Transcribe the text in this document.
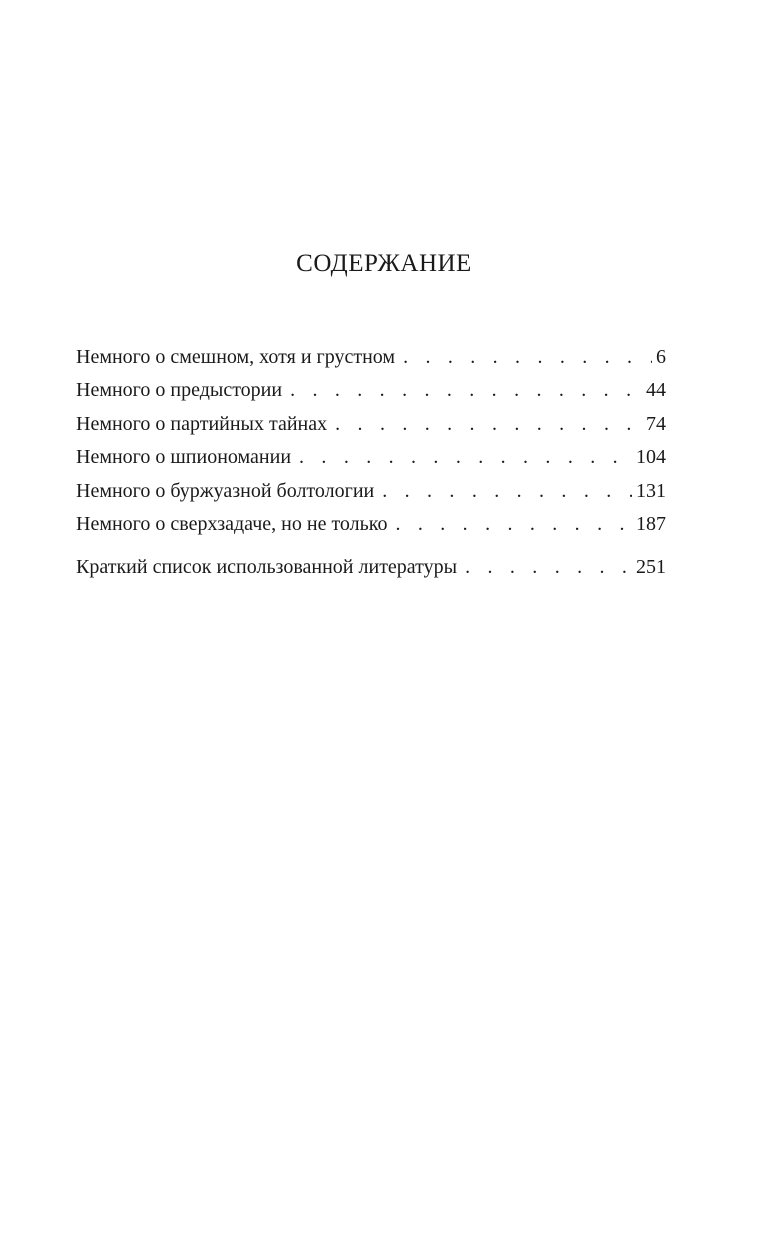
СОДЕРЖАНИЕ
Немного о смешном, хотя и грустном . . .	6
Немного о предыстории . . .	44
Немного о партийных тайнах . . .	74
Немного о шпиономании . . .	104
Немного о буржуазной болтологии . . .	131
Немного о сверхзадаче, но не только . . .	187
Краткий список использованной литературы . . .	251
